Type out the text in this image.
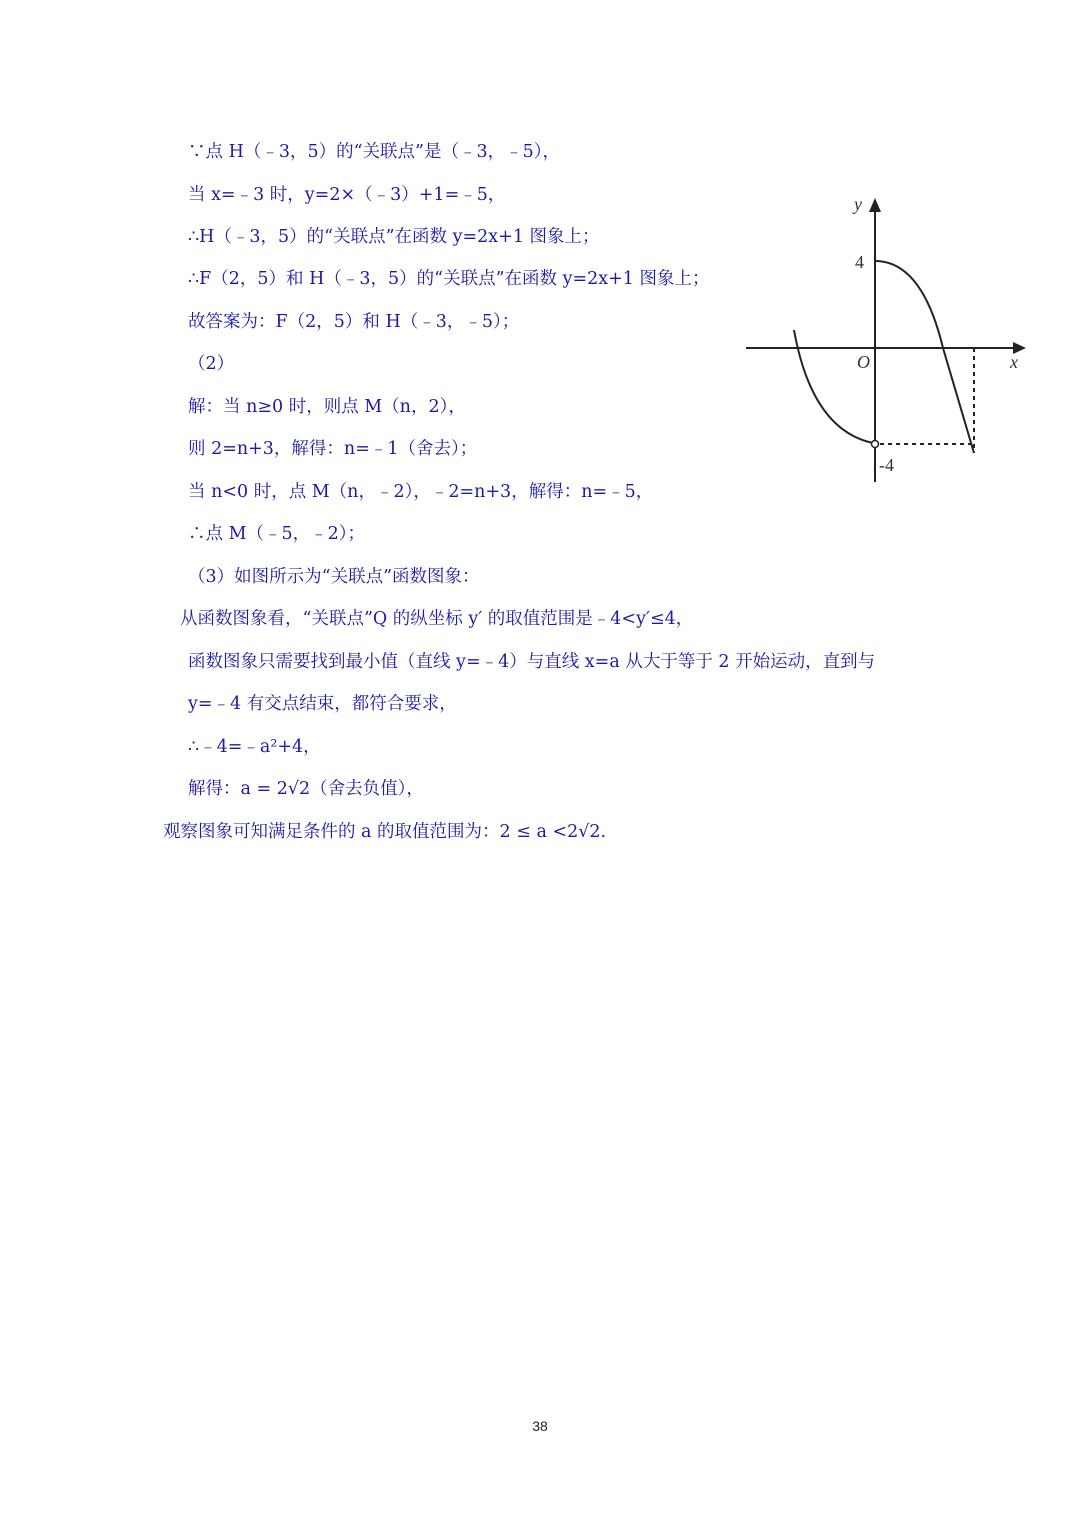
∵点 H（﹣3，5）的“关联点”是（﹣3，﹣5），
当 x=﹣3 时，y=2×（﹣3）+1=﹣5，
∴H（﹣3，5）的“关联点”在函数 y=2x+1 图象上；
∴F（2，5）和 H（﹣3，5）的“关联点”在函数 y=2x+1 图象上；
故答案为：F（2，5）和 H（﹣3，﹣5）；
（2）
解：当 n≥0 时，则点 M（n，2），
则 2=n+3，解得：n=﹣1（舍去）；
当 n<0 时，点 M（n，﹣2），﹣2=n+3，解得：n=﹣5，
∴点 M（﹣5，﹣2）；
（3）如图所示为“关联点”函数图象：
从函数图象看，“关联点”Q 的纵坐标 y′ 的取值范围是﹣4<y′≤4，
函数图象只需要找到最小值（直线 y=﹣4）与直线 x=a 从大于等于 2 开始运动，直到与
y=﹣4 有交点结束，都符合要求，
∴﹣4=﹣a²+4，
解得：a = 2√2（舍去负值），
观察图象可知满足条件的 a 的取值范围为：2 ≤ a <2√2.
y
x
O
4
-4
38
